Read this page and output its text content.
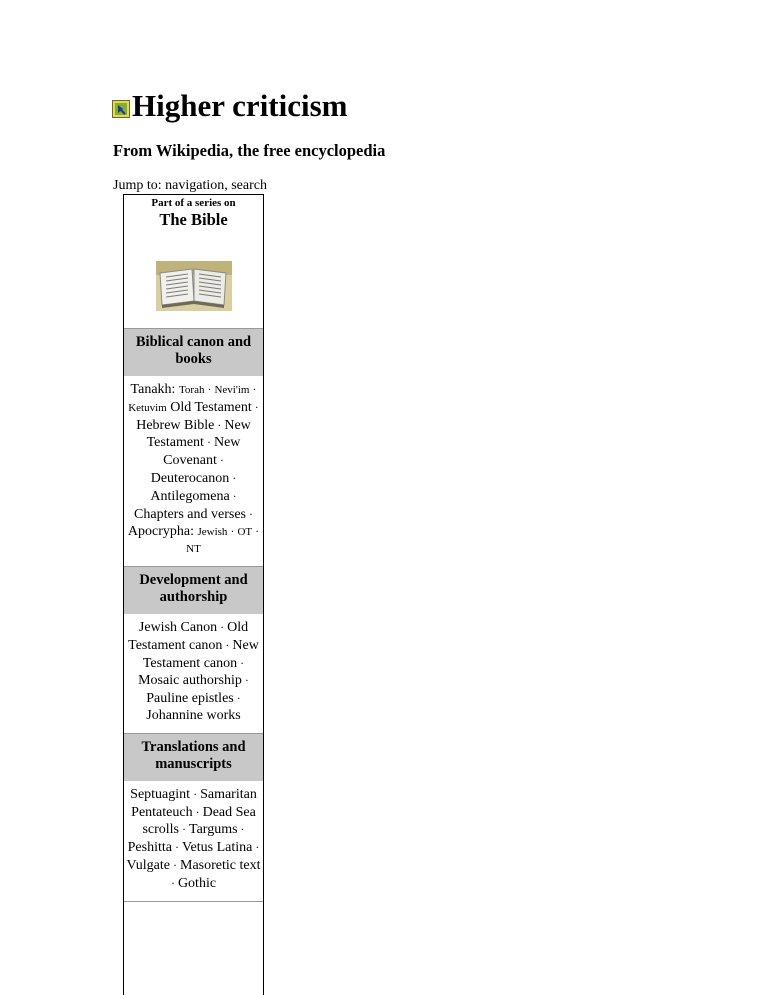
Higher criticism
From Wikipedia, the free encyclopedia
Jump to: navigation, search
Part of a series on
The Bible
Biblical canon and books
Tanakh: Torah · Nevi'im · Ketuvim Old Testament · Hebrew Bible · New Testament · New Covenant · Deuterocanon · Antilegomena · Chapters and verses · Apocrypha: Jewish · OT · NT
Development and authorship
Jewish Canon · Old Testament canon · New Testament canon · Mosaic authorship · Pauline epistles · Johannine works
Translations and manuscripts
Septuagint · Samaritan Pentateuch · Dead Sea scrolls · Targums · Peshitta · Vetus Latina · Vulgate · Masoretic text · Gothic
